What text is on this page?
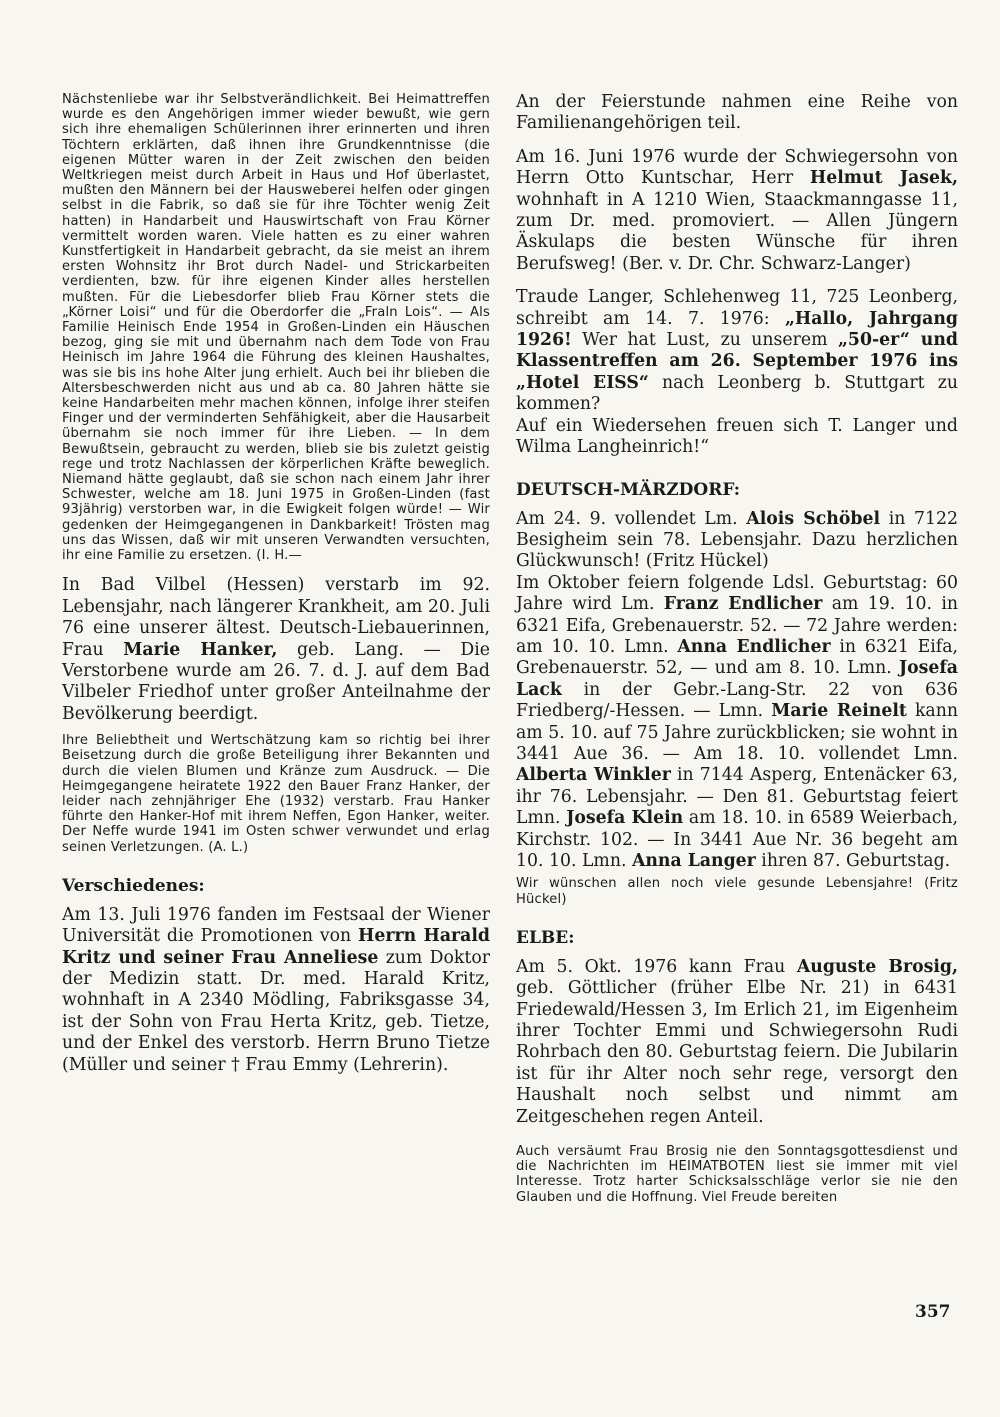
Nächstenliebe war ihr Selbstverändlichkeit. Bei Heimattreffen wurde es den Angehörigen immer wieder bewußt, wie gern sich ihre ehemaligen Schülerinnen ihrer erinnerten und ihren Töchtern erklärten, daß ihnen ihre Grundkenntnisse (die eigenen Mütter waren in der Zeit zwischen den beiden Weltkriegen meist durch Arbeit in Haus und Hof überlastet, mußten den Männern bei der Hausweberei helfen oder gingen selbst in die Fabrik, so daß sie für ihre Töchter wenig Zeit hatten) in Handarbeit und Hauswirtschaft von Frau Körner vermittelt worden waren. Viele hatten es zu einer wahren Kunstfertigkeit in Handarbeit gebracht, da sie meist an ihrem ersten Wohnsitz ihr Brot durch Nadel- und Strickarbeiten verdienten, bzw. für ihre eigenen Kinder alles herstellen mußten. Für die Liebesdorfer blieb Frau Körner stets die „Körner Loisi“ und für die Oberdorfer die „Fraln Lois“. — Als Familie Heinisch Ende 1954 in Großen-Linden ein Häuschen bezog, ging sie mit und übernahm nach dem Tode von Frau Heinisch im Jahre 1964 die Führung des kleinen Haushaltes, was sie bis ins hohe Alter jung erhielt. Auch bei ihr blieben die Altersbeschwerden nicht aus und ab ca. 80 Jahren hätte sie keine Handarbeiten mehr machen können, infolge ihrer steifen Finger und der verminderten Sehfähigkeit, aber die Hausarbeit übernahm sie noch immer für ihre Lieben. — In dem Bewußtsein, gebraucht zu werden, blieb sie bis zuletzt geistig rege und trotz Nachlassen der körperlichen Kräfte beweglich. Niemand hätte geglaubt, daß sie schon nach einem Jahr ihrer Schwester, welche am 18. Juni 1975 in Großen-Linden (fast 93jährig) verstorben war, in die Ewigkeit folgen würde! — Wir gedenken der Heimgegangenen in Dankbarkeit! Trösten mag uns das Wissen, daß wir mit unseren Verwandten versuchten, ihr eine Familie zu ersetzen. (I. H.—

In Bad Vilbel (Hessen) verstarb im 92. Lebensjahr, nach längerer Krankheit, am 20. Juli 76 eine unserer ältest. Deutsch-Liebauerinnen, Frau Marie Hanker, geb. Lang. — Die Verstorbene wurde am 26. 7. d. J. auf dem Bad Vilbeler Friedhof unter großer Anteilnahme der Bevölkerung beerdigt.

Ihre Beliebtheit und Wertschätzung kam so richtig bei ihrer Beisetzung durch die große Beteiligung ihrer Bekannten und durch die vielen Blumen und Kränze zum Ausdruck. — Die Heimgegangene heiratete 1922 den Bauer Franz Hanker, der leider nach zehnjähriger Ehe (1932) verstarb. Frau Hanker führte den Hanker-Hof mit ihrem Neffen, Egon Hanker, weiter. Der Neffe wurde 1941 im Osten schwer verwundet und erlag seinen Verletzungen. (A. L.)

Verschiedenes:

Am 13. Juli 1976 fanden im Festsaal der Wiener Universität die Promotionen von Herrn Harald Kritz und seiner Frau Anneliese zum Doktor der Medizin statt. Dr. med. Harald Kritz, wohnhaft in A 2340 Mödling, Fabriksgasse 34, ist der Sohn von Frau Herta Kritz, geb. Tietze, und der Enkel des verstorb. Herrn Bruno Tietze (Müller und seiner † Frau Emmy (Lehrerin).

An der Feierstunde nahmen eine Reihe von Familienangehörigen teil.

Am 16. Juni 1976 wurde der Schwiegersohn von Herrn Otto Kuntschar, Herr Helmut Jasek, wohnhaft in A 1210 Wien, Staackmanngasse 11, zum Dr. med. promoviert. — Allen Jüngern Äskulaps die besten Wünsche für ihren Berufsweg! (Ber. v. Dr. Chr. Schwarz-Langer)

Traude Langer, Schlehenweg 11, 725 Leonberg, schreibt am 14. 7. 1976: „Hallo, Jahrgang 1926! Wer hat Lust, zu unserem „50-er“ und Klassentreffen am 26. September 1976 ins „Hotel EISS“ nach Leonberg b. Stuttgart zu kommen?

Auf ein Wiedersehen freuen sich T. Langer und Wilma Langheinrich!“

DEUTSCH-MÄRZDORF:

Am 24. 9. vollendet Lm. Alois Schöbel in 7122 Besigheim sein 78. Lebensjahr. Dazu herzlichen Glückwunsch! (Fritz Hückel)

Im Oktober feiern folgende Ldsl. Geburtstag: 60 Jahre wird Lm. Franz Endlicher am 19. 10. in 6321 Eifa, Grebenauerstr. 52. — 72 Jahre werden: am 10. 10. Lmn. Anna Endlicher in 6321 Eifa, Grebenauerstr. 52, — und am 8. 10. Lmn. Josefa Lack in der Gebr.-Lang-Str. 22 von 636 Friedberg/-Hessen. — Lmn. Marie Reinelt kann am 5. 10. auf 75 Jahre zurückblicken; sie wohnt in 3441 Aue 36. — Am 18. 10. vollendet Lmn. Alberta Winkler in 7144 Asperg, Entenäcker 63, ihr 76. Lebensjahr. — Den 81. Geburtstag feiert Lmn. Josefa Klein am 18. 10. in 6589 Weierbach, Kirchstr. 102. — In 3441 Aue Nr. 36 begeht am 10. 10. Lmn. Anna Langer ihren 87. Geburtstag.

Wir wünschen allen noch viele gesunde Lebensjahre! (Fritz Hückel)

ELBE:

Am 5. Okt. 1976 kann Frau Auguste Brosig, geb. Göttlicher (früher Elbe Nr. 21) in 6431 Friedewald/Hessen 3, Im Erlich 21, im Eigenheim ihrer Tochter Emmi und Schwiegersohn Rudi Rohrbach den 80. Geburtstag feiern. Die Jubilarin ist für ihr Alter noch sehr rege, versorgt den Haushalt noch selbst und nimmt am Zeitgeschehen regen Anteil.

Auch versäumt Frau Brosig nie den Sonntagsgottesdienst und die Nachrichten im HEIMATBOTEN liest sie immer mit viel Interesse. Trotz harter Schicksalsschläge verlor sie nie den Glauben und die Hoffnung. Viel Freude bereiten

357
